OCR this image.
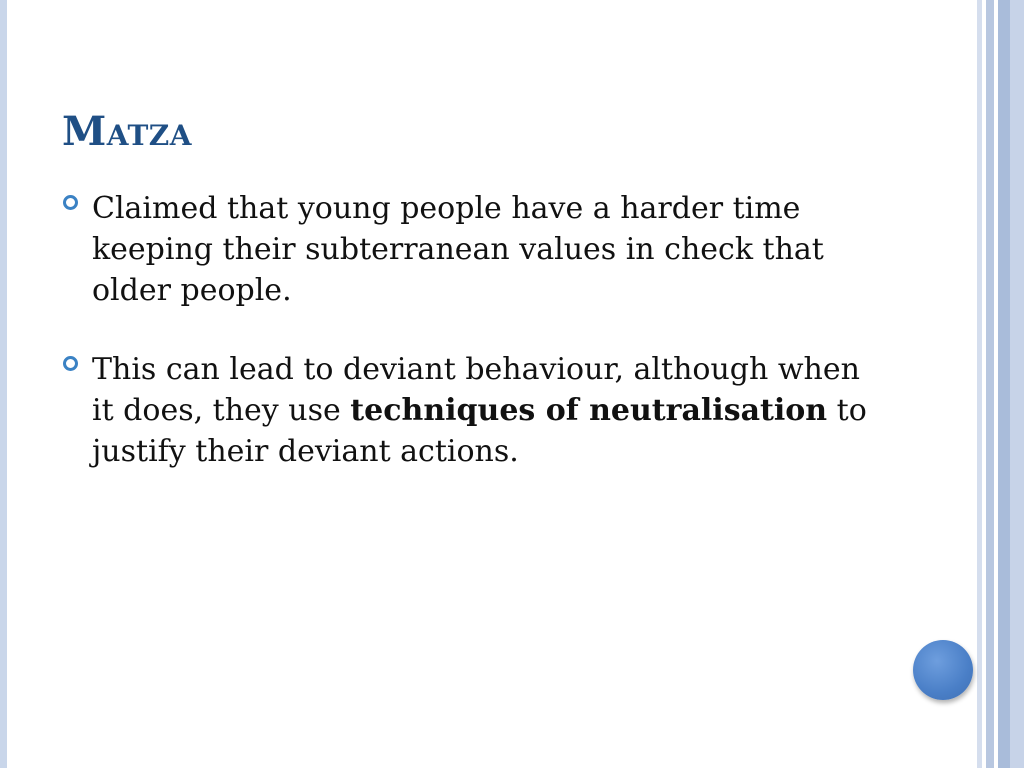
Matza
Claimed that young people have a harder time keeping their subterranean values in check that older people.
This can lead to deviant behaviour, although when it does, they use techniques of neutralisation to justify their deviant actions.
